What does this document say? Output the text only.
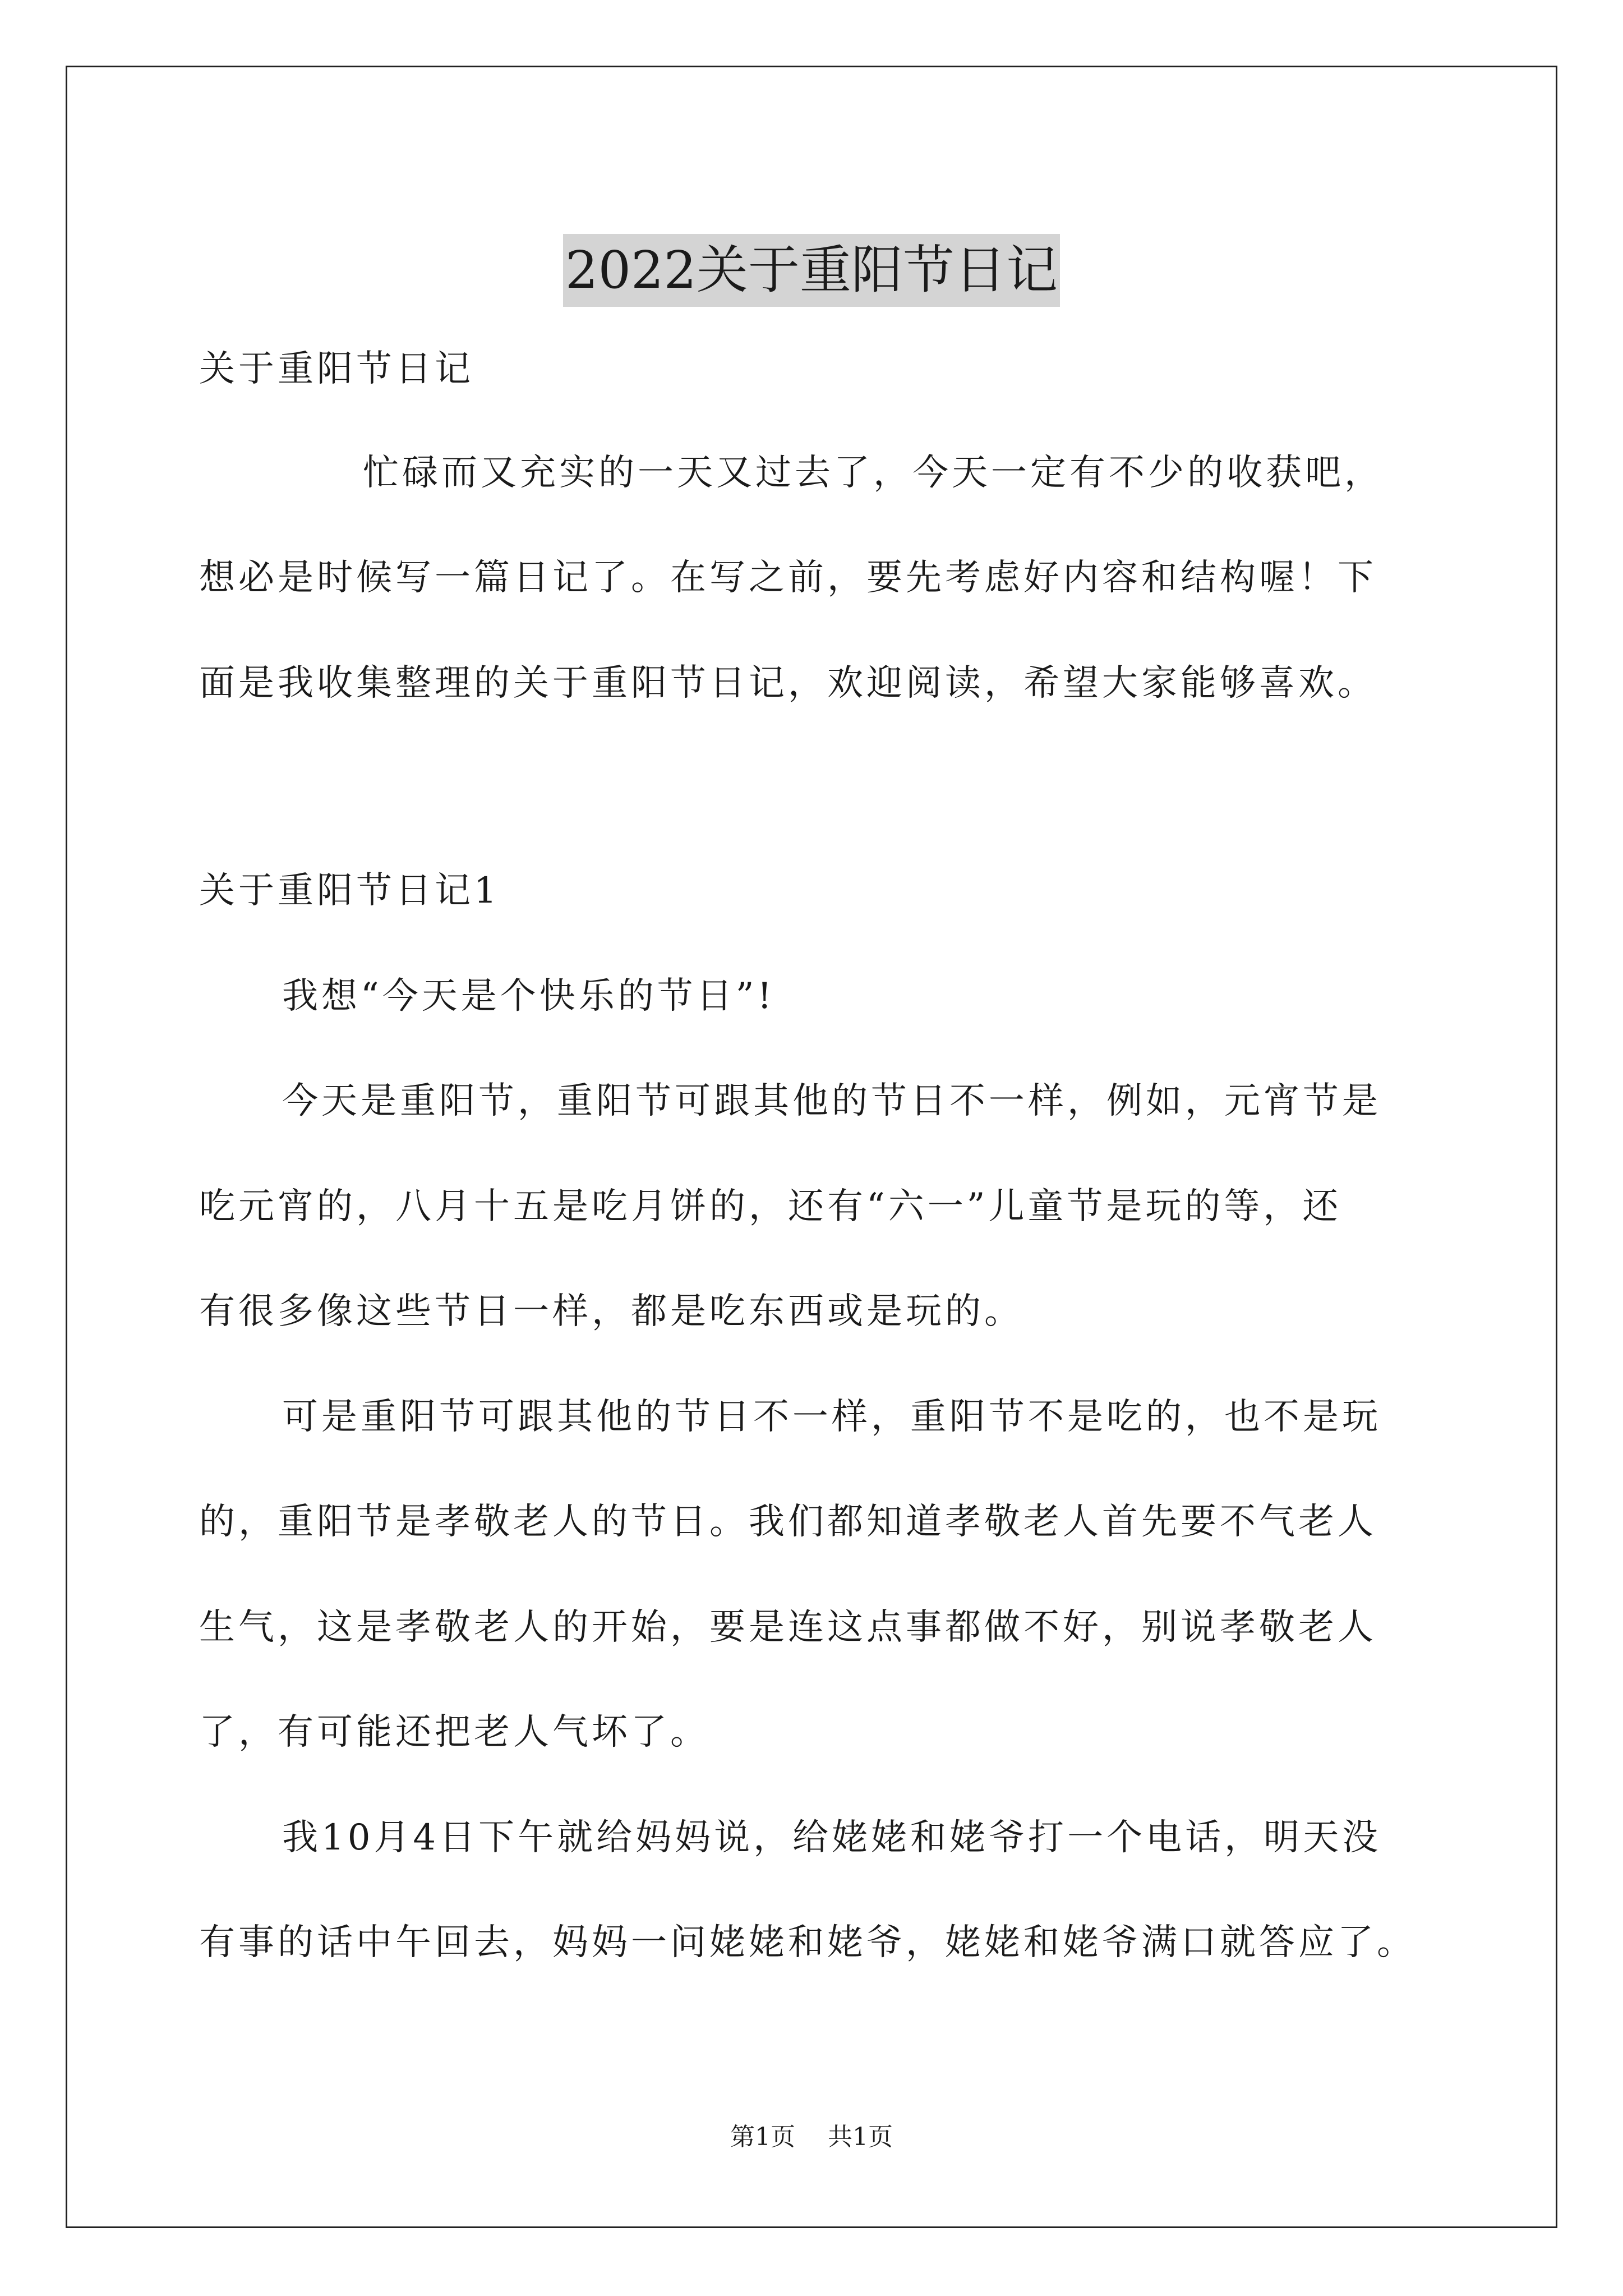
2022关于重阳节日记
关于重阳节日记
忙碌而又充实的一天又过去了，今天一定有不少的收获吧，
想必是时候写一篇日记了。在写之前，要先考虑好内容和结构喔！下
面是我收集整理的关于重阳节日记，欢迎阅读，希望大家能够喜欢。
关于重阳节日记1
我想“今天是个快乐的节日”!
今天是重阳节，重阳节可跟其他的节日不一样，例如，元宵节是
吃元宵的，八月十五是吃月饼的，还有“六一”儿童节是玩的等，还
有很多像这些节日一样，都是吃东西或是玩的。
可是重阳节可跟其他的节日不一样，重阳节不是吃的，也不是玩
的，重阳节是孝敬老人的节日。我们都知道孝敬老人首先要不气老人
生气，这是孝敬老人的开始，要是连这点事都做不好，别说孝敬老人
了，有可能还把老人气坏了。
我10月4日下午就给妈妈说，给姥姥和姥爷打一个电话，明天没
有事的话中午回去，妈妈一问姥姥和姥爷，姥姥和姥爷满口就答应了。
第1页 共1页
